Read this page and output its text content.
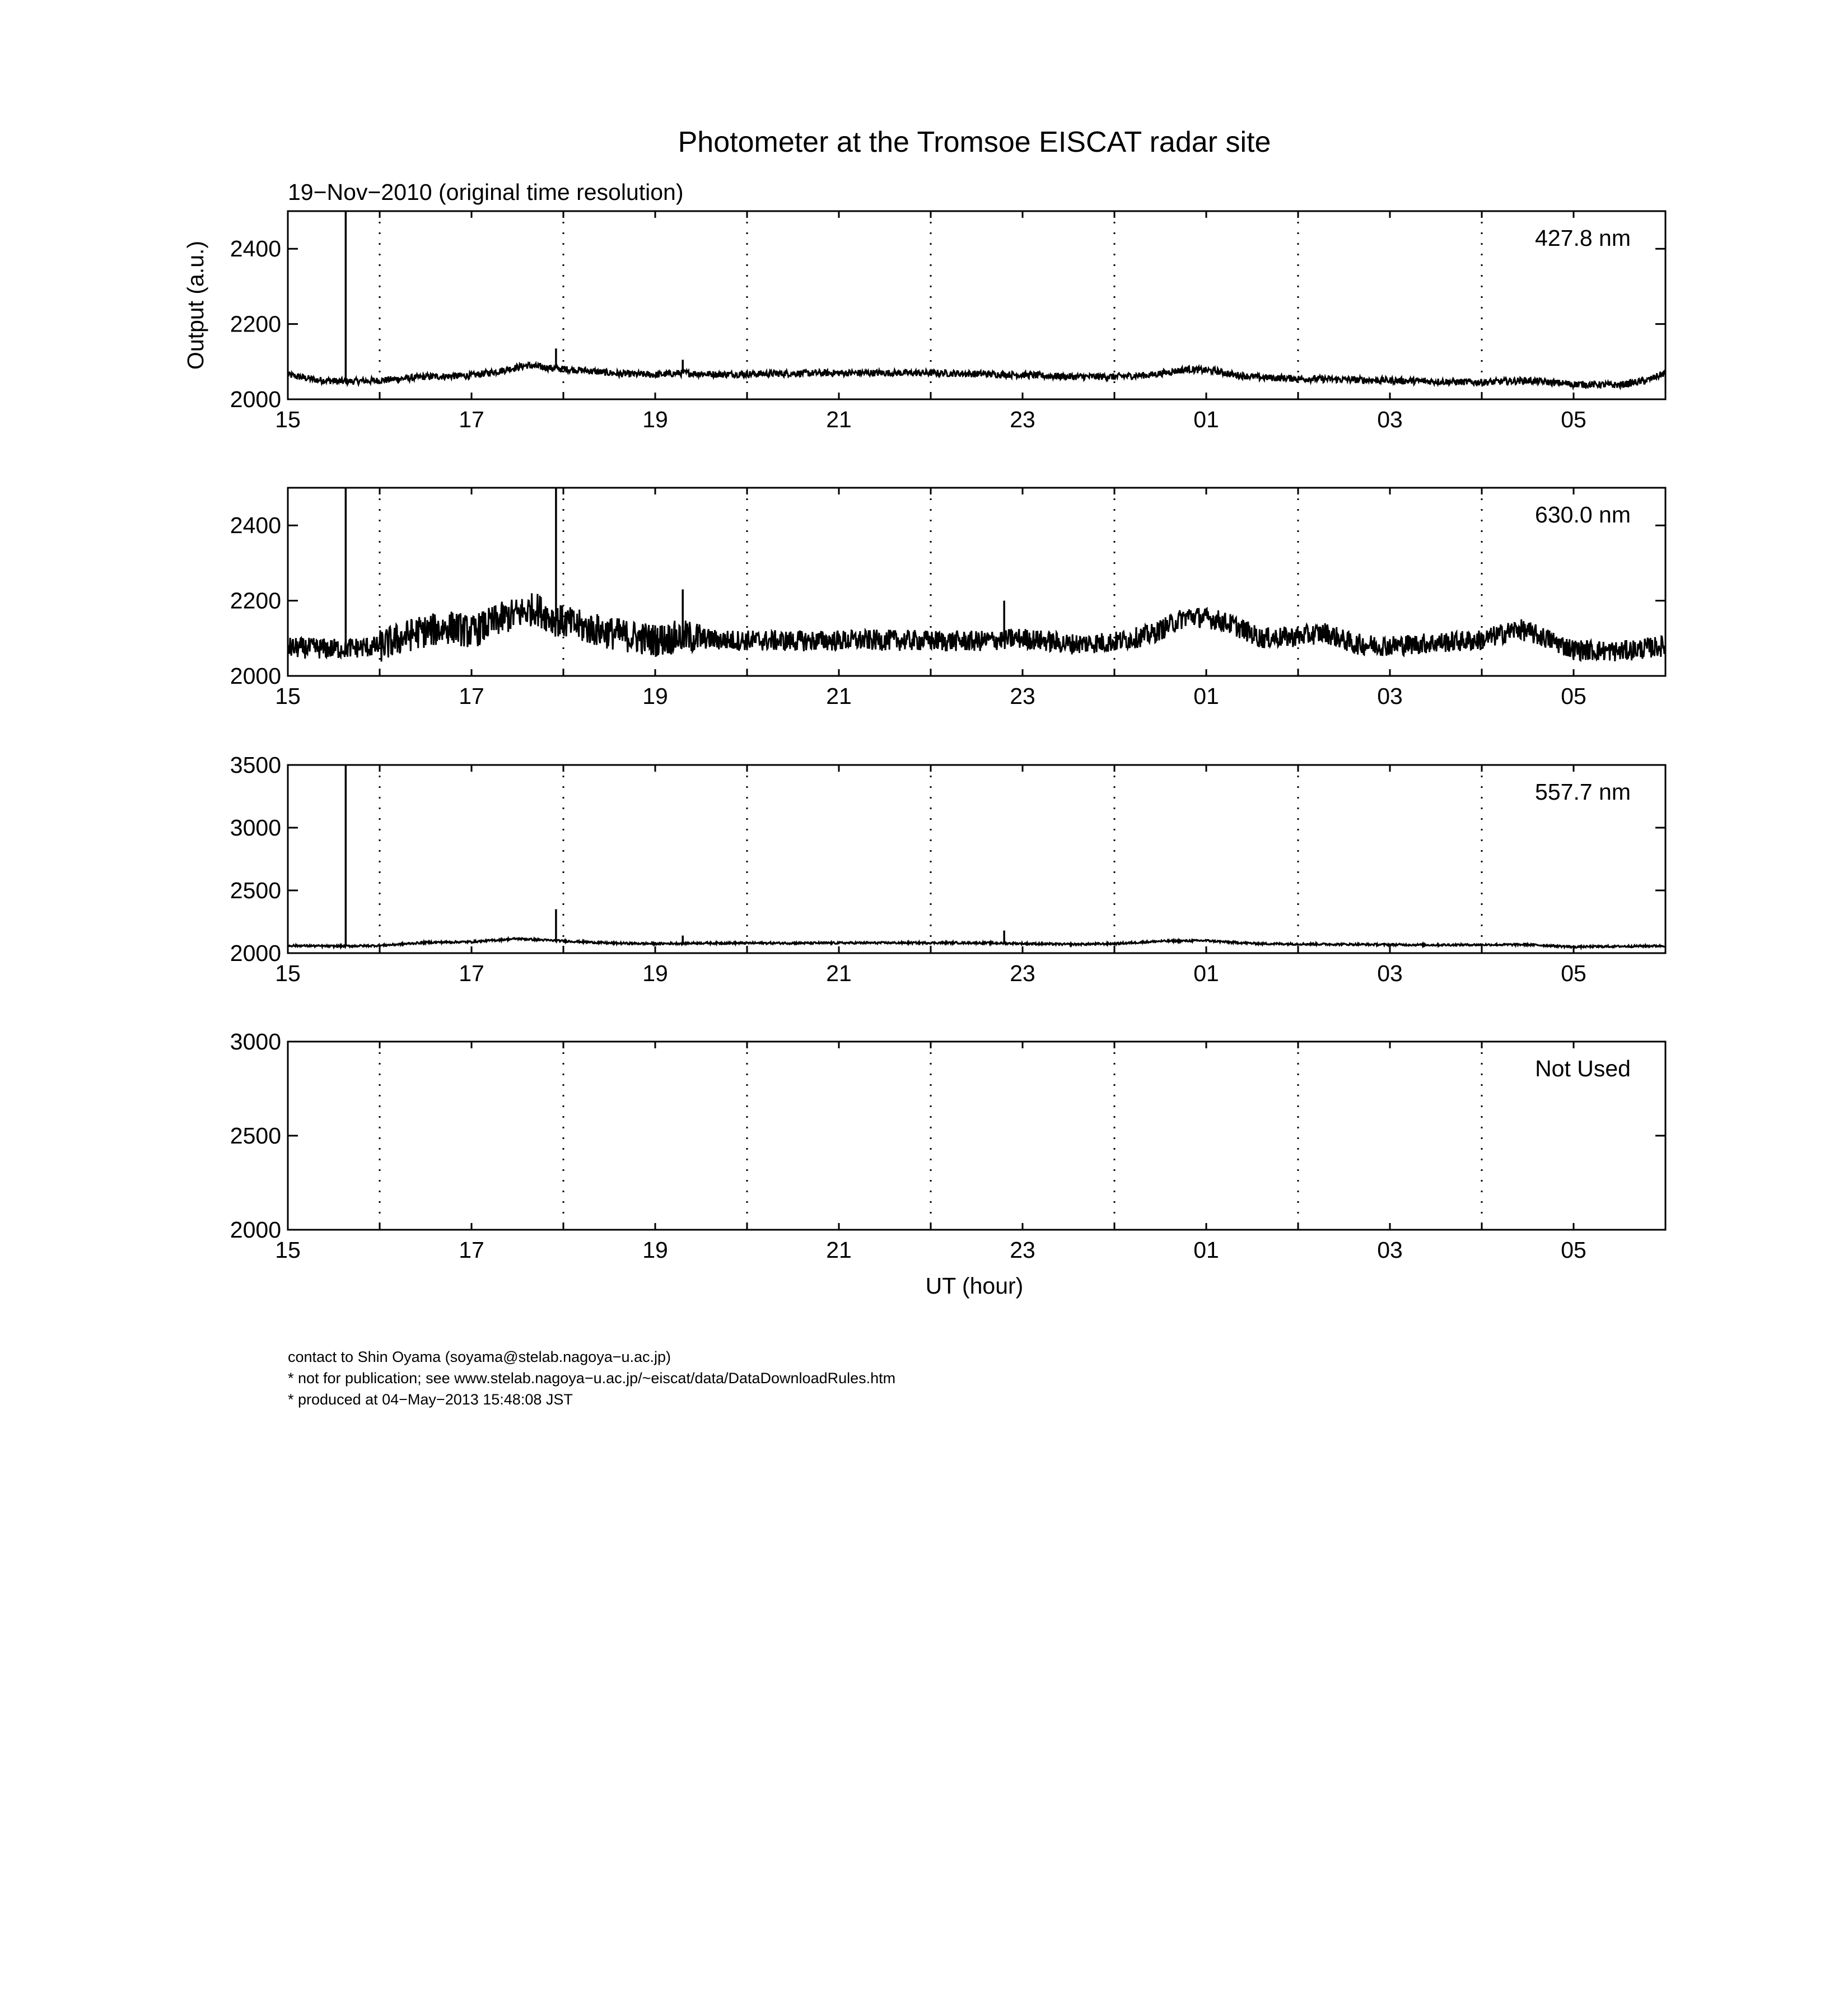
Photometer at the Tromsoe EISCAT radar site
19−Nov−2010 (original time resolution)
Output (a.u.)
UT (hour)
15	17	19	21	23	01	03	05
2000
2200
2400	427.8 nm
15	17	19	21	23	01	03	05
2000
2200
2400	630.0 nm
15	17	19	21	23	01	03	05
2000
2500
3000
3500
557.7 nm
15	17	19	21	23	01	03	05
2000
2500
3000
Not Used
contact to Shin Oyama (soyama@stelab.nagoya−u.ac.jp)
* not for publication; see www.stelab.nagoya−u.ac.jp/~eiscat/data/DataDownloadRules.htm
* produced at 04−May−2013 15:48:08 JST
